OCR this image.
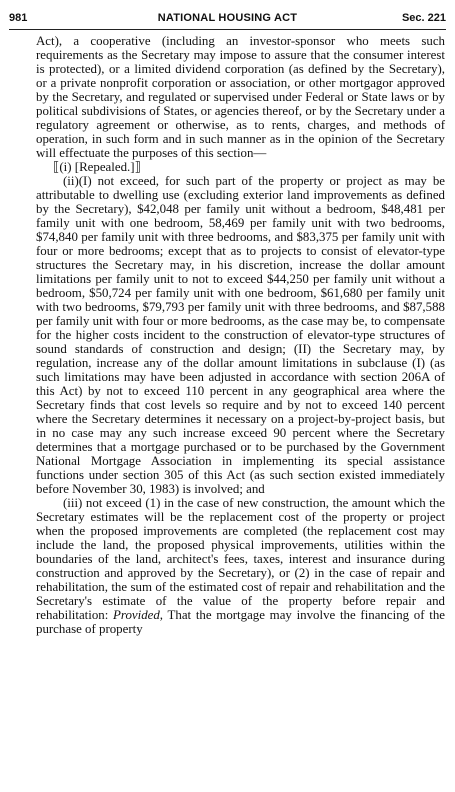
981	NATIONAL HOUSING ACT	Sec. 221

Act), a cooperative (including an investor-sponsor who meets such requirements as the Secretary may impose to assure that the consumer interest is protected), or a limited dividend corporation (as defined by the Secretary), or a private nonprofit corporation or association, or other mortgagor approved by the Secretary, and regulated or supervised under Federal or State laws or by political subdivisions of States, or agencies thereof, or by the Secretary under a regulatory agreement or otherwise, as to rents, charges, and methods of operation, in such form and in such manner as in the opinion of the Secretary will effectuate the purposes of this section—

⟦(i) [Repealed.]⟧

(ii)(I) not exceed, for such part of the property or project as may be attributable to dwelling use (excluding exterior land improvements as defined by the Secretary), $42,048 per family unit without a bedroom, $48,481 per family unit with one bedroom, 58,469 per family unit with two bedrooms, $74,840 per family unit with three bedrooms, and $83,375 per family unit with four or more bedrooms; except that as to projects to consist of elevator-type structures the Secretary may, in his discretion, increase the dollar amount limitations per family unit to not to exceed $44,250 per family unit without a bedroom, $50,724 per family unit with one bedroom, $61,680 per family unit with two bedrooms, $79,793 per family unit with three bedrooms, and $87,588 per family unit with four or more bedrooms, as the case may be, to compensate for the higher costs incident to the construction of elevator-type structures of sound standards of construction and design; (II) the Secretary may, by regulation, increase any of the dollar amount limitations in subclause (I) (as such limitations may have been adjusted in accordance with section 206A of this Act) by not to exceed 110 percent in any geographical area where the Secretary finds that cost levels so require and by not to exceed 140 percent where the Secretary determines it necessary on a project-by-project basis, but in no case may any such increase exceed 90 percent where the Secretary determines that a mortgage purchased or to be purchased by the Government National Mortgage Association in implementing its special assistance functions under section 305 of this Act (as such section existed immediately before November 30, 1983) is involved; and

(iii) not exceed (1) in the case of new construction, the amount which the Secretary estimates will be the replacement cost of the property or project when the proposed improvements are completed (the replacement cost may include the land, the proposed physical improvements, utilities within the boundaries of the land, architect's fees, taxes, interest and insurance during construction and approved by the Secretary), or (2) in the case of repair and rehabilitation, the sum of the estimated cost of repair and rehabilitation and the Secretary's estimate of the value of the property before repair and rehabilitation: Provided, That the mortgage may involve the financing of the purchase of property
